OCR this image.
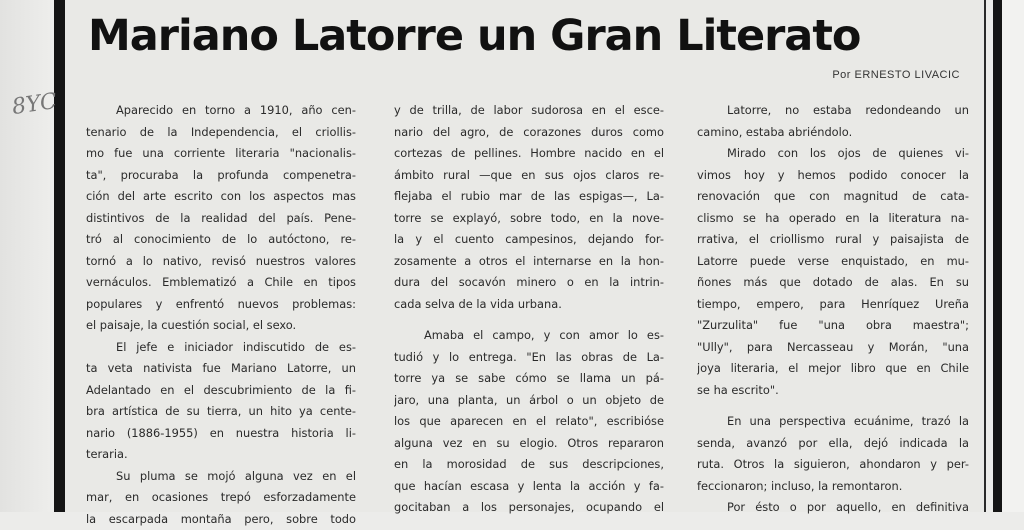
8YC
Mariano Latorre un Gran Literato
Por ERNESTO LIVACIC
Aparecido en torno a 1910, año cen-
tenario de la Independencia, el criollis-
mo fue una corriente literaria "nacionalis-
ta", procuraba la profunda compenetra-
ción del arte escrito con los aspectos mas
distintivos de la realidad del país. Pene-
tró al conocimiento de lo autóctono, re-
tornó a lo nativo, revisó nuestros valores
vernáculos. Emblematizó a Chile en tipos
populares y enfrentó nuevos problemas:
el paisaje, la cuestión social, el sexo.
El jefe e iniciador indiscutido de es-
ta veta nativista fue Mariano Latorre, un
Adelantado en el descubrimiento de la fi-
bra artística de su tierra, un hito ya cente-
nario (1886-1955) en nuestra historia li-
teraria.
Su pluma se mojó alguna vez en el
mar, en ocasiones trepó esforzadamente
la escarpada montaña pero, sobre todo
y de trilla, de labor sudorosa en el esce-
nario del agro, de corazones duros como
cortezas de pellines. Hombre nacido en el
ámbito rural —que en sus ojos claros re-
flejaba el rubio mar de las espigas—, La-
torre se explayó, sobre todo, en la nove-
la y el cuento campesinos, dejando for-
zosamente a otros el internarse en la hon-
dura del socavón minero o en la intrin-
cada selva de la vida urbana.
Amaba el campo, y con amor lo es-
tudió y lo entrega. "En las obras de La-
torre ya se sabe cómo se llama un pá-
jaro, una planta, un árbol o un objeto de
los que aparecen en el relato", escribióse
alguna vez en su elogio. Otros repararon
en la morosidad de sus descripciones,
que hacían escasa y lenta la acción y fa-
gocitaban a los personajes, ocupando el
Latorre, no estaba redondeando un
camino, estaba abriéndolo.
Mirado con los ojos de quienes vi-
vimos hoy y hemos podido conocer la
renovación que con magnitud de cata-
clismo se ha operado en la literatura na-
rrativa, el criollismo rural y paisajista de
Latorre puede verse enquistado, en mu-
ñones más que dotado de alas. En su
tiempo, empero, para Henríquez Ureña
"Zurzulita" fue "una obra maestra";
"Ully", para Nercasseau y Morán, "una
joya literaria, el mejor libro que en Chile
se ha escrito".
En una perspectiva ecuánime, trazó la
senda, avanzó por ella, dejó indicada la
ruta. Otros la siguieron, ahondaron y per-
feccionaron; incluso, la remontaron.
Por ésto o por aquello, en definitiva
